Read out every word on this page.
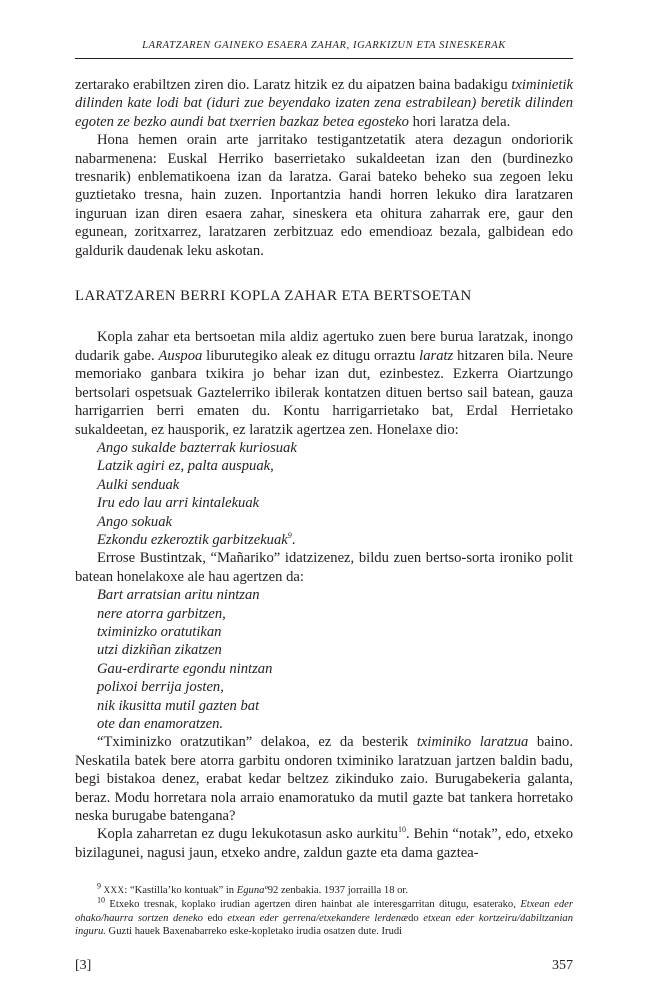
LARATZAREN GAINEKO ESAERA ZAHAR, IGARKIZUN ETA SINESKERAK

zertarako erabiltzen ziren dio. Laratz hitzik ez du aipatzen baina badakigu tximinietik dilinden kate lodi bat (iduri zue beyendako izaten zena estrabilean) beretik dilinden egoten ze bezko aundi bat txerrien bazkaz betea egosteko hori laratza dela.

Hona hemen orain arte jarritako testigantzetatik atera dezagun ondoriorik nabarmenena: Euskal Herriko baserrietako sukaldeetan izan den (burdinezko tresnarik) enblematikoena izan da laratza. Garai bateko beheko sua zegoen leku guztietako tresna, hain zuzen. Inportantzia handi horren lekuko dira laratzaren inguruan izan diren esaera zahar, sineskera eta ohitura zaharrak ere, gaur den egunean, zoritxarrez, laratzaren zerbitzuaz edo emendioaz bezala, galbidean edo galdurik daudenak leku askotan.

LARATZAREN BERRI KOPLA ZAHAR ETA BERTSOETAN

Kopla zahar eta bertsoetan mila aldiz agertuko zuen bere burua laratzak, inongo dudarik gabe. Auspoa liburutegiko aleak ez ditugu orraztu laratz hitzaren bila. Neure memoriako ganbara txikira jo behar izan dut, ezinbestez. Ezkerra Oiartzungo bertsolari ospetsuak Gaztelerriko ibilerak kontatzen dituen bertso sail batean, gauza harrigarrien berri ematen du. Kontu harrigarrietako bat, Erdal Herrietako sukaldeetan, ez hausporik, ez laratzik agertzea zen. Honelaxe dio:

Ango sukalde bazterrak kuriosuak
Latzik agiri ez, palta auspuak,
Aulki senduak
Iru edo lau arri kintalekuak
Ango sokuak
Ezkondu ezkeroztik garbitzekuak$^9$.

Errose Bustintzak, “Mañariko” idatzizenez, bildu zuen bertso-sorta ironiko polit batean honelakoxe ale hau agertzen da:

Bart arratsian aritu nintzan
nere atorra garbitzen,
tximinizko oratutikan
utzi dizkiñan zikatzen
Gau-erdirarte egondu nintzan
polixoi berrija josten,
nik ikusitta mutil gazten bat
ote dan enamoratzen.

“Tximinizko oratzutikan” delakoa, ez da besterik tximiniko laratzua baino. Neskatila batek bere atorra garbitu ondoren tximiniko laratzuan jartzen baldin badu, begi bistakoa denez, erabat kedar beltzez zikinduko zaio. Burugabekeria galanta, beraz. Modu horretara nola arraio enamoratuko da mutil gazte bat tankera horretako neska burugabe batengana?

Kopla zaharretan ez dugu lekukotasun asko aurkitu$^{10}$. Behin “notak”, edo, etxeko bizilagunei, nagusi jaun, etxeko andre, zaldun gazte eta dama gaztea-

$^9$ XXX: “Kastilla’ko kontuak” in Egunaº92 zenbakia. 1937 jorrailla 18 or.

$^{10}$ Etxeko tresnak, koplako irudian agertzen diren hainbat ale interesgarritan ditugu, esaterako, Etxean eder ohako/haurra sortzen deneko edo etxean eder gerrena/etxekandere lerdenædo etxean eder kortzeiru/dabiltzanian inguru. Guzti hauek Baxenabarreko eske-kopletako irudia osatzen dute. Irudi

[3]	357
